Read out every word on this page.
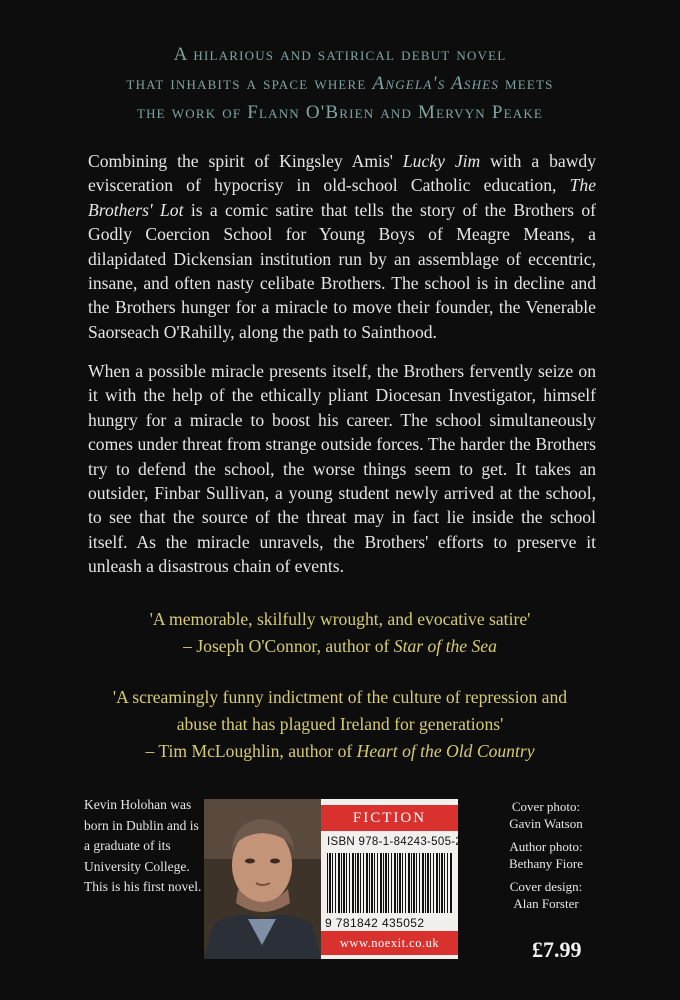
A hilarious and satirical debut novel
that inhabits a space where Angela's Ashes meets
the work of Flann O'Brien and Mervyn Peake

Combining the spirit of Kingsley Amis' Lucky Jim with a bawdy evisceration of hypocrisy in old-school Catholic education, The Brothers' Lot is a comic satire that tells the story of the Brothers of Godly Coercion School for Young Boys of Meagre Means, a dilapidated Dickensian institution run by an assemblage of eccentric, insane, and often nasty celibate Brothers. The school is in decline and the Brothers hunger for a miracle to move their founder, the Venerable Saorseach O'Rahilly, along the path to Sainthood.

When a possible miracle presents itself, the Brothers fervently seize on it with the help of the ethically pliant Diocesan Investigator, himself hungry for a miracle to boost his career. The school simultaneously comes under threat from strange outside forces. The harder the Brothers try to defend the school, the worse things seem to get. It takes an outsider, Finbar Sullivan, a young student newly arrived at the school, to see that the source of the threat may in fact lie inside the school itself. As the miracle unravels, the Brothers' efforts to preserve it unleash a disastrous chain of events.

'A memorable, skilfully wrought, and evocative satire'

– Joseph O'Connor, author of Star of the Sea

'A screamingly funny indictment of the culture of repression and

abuse that has plagued Ireland for generations'

– Tim McLoughlin, author of Heart of the Old Country

Kevin Holohan was born in Dublin and is a graduate of its University College. This is his first novel.

FICTION
ISBN 978-1-84243-505-2
9 781842 435052
www.noexit.co.uk
Cover photo:
Gavin Watson
Author photo:
Bethany Fiore
Cover design:
Alan Forster
£7.99
